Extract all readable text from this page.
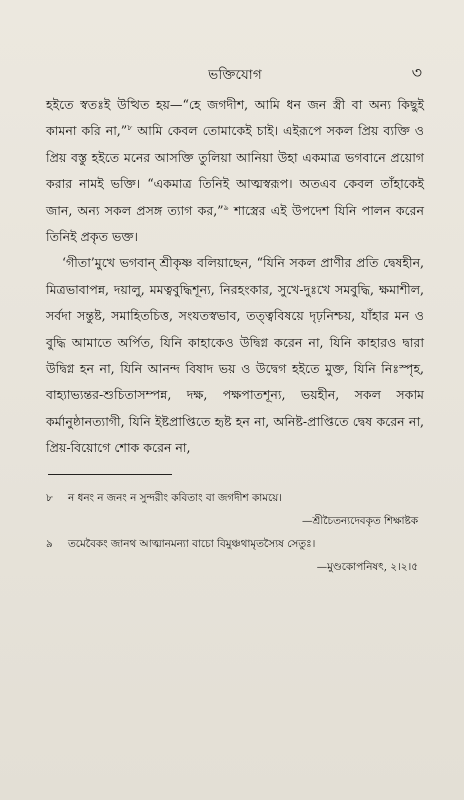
ভক্তিযোগ	৩

হইতে স্বতঃই উত্থিত হয়—“হে জগদীশ, আমি ধন জন স্ত্রী বা অন্য কিছুই কামনা করি না,”$^৮$ আমি কেবল তোমাকেই চাই। এইরূপে সকল প্রিয় ব্যক্তি ও প্রিয় বস্তু হইতে মনের আসক্তি তুলিয়া আনিয়া উহা একমাত্র ভগবানে প্রয়োগ করার নামই ভক্তি। “একমাত্র তিনিই আত্মস্বরূপ। অতএব কেবল তাঁহাকেই জান, অন্য সকল প্রসঙ্গ ত্যাগ কর,”$^৯$ শাস্ত্রের এই উপদেশ যিনি পালন করেন তিনিই প্রকৃত ভক্ত।

‘গীতা’মুখে ভগবান্ শ্রীকৃষ্ণ বলিয়াছেন, “যিনি সকল প্রাণীর প্রতি দ্বেষহীন, মিত্রভাবাপন্ন, দয়ালু, মমত্ববুদ্ধিশূন্য, নিরহংকার, সুখে-দুঃখে সমবুদ্ধি, ক্ষমাশীল, সর্বদা সন্তুষ্ট, সমাহিতচিত্ত, সংযতস্বভাব, তত্ত্ববিষয়ে দৃঢ়নিশ্চয়, যাঁহার মন ও বুদ্ধি আমাতে অর্পিত, যিনি কাহাকেও উদ্বিগ্ন করেন না, যিনি কাহারও দ্বারা উদ্বিগ্ন হন না, যিনি আনন্দ বিষাদ ভয় ও উদ্বেগ হইতে মুক্ত, যিনি নিঃস্পৃহ, বাহ্যাভ্যন্তর-শুচিতাসম্পন্ন, দক্ষ, পক্ষপাতশূন্য, ভয়হীন, সকল সকাম কর্মানুষ্ঠানত্যাগী, যিনি ইষ্টপ্রাপ্তিতে হৃষ্ট হন না, অনিষ্ট-প্রাপ্তিতে দ্বেষ করেন না, প্রিয়-বিয়োগে শোক করেন না,

৮	ন ধনং ন জনং ন সুন্দরীং কবিতাং বা জগদীশ কাময়ে।
—শ্রীচৈতন্যদেবকৃত শিক্ষাষ্টক
৯	তমেবৈকং জানথ আত্মানমন্যা বাচো বিমুঞ্চথামৃতস্যৈষ সেতুঃ।
—মুণ্ডকোপনিষৎ, ২।২।৫
